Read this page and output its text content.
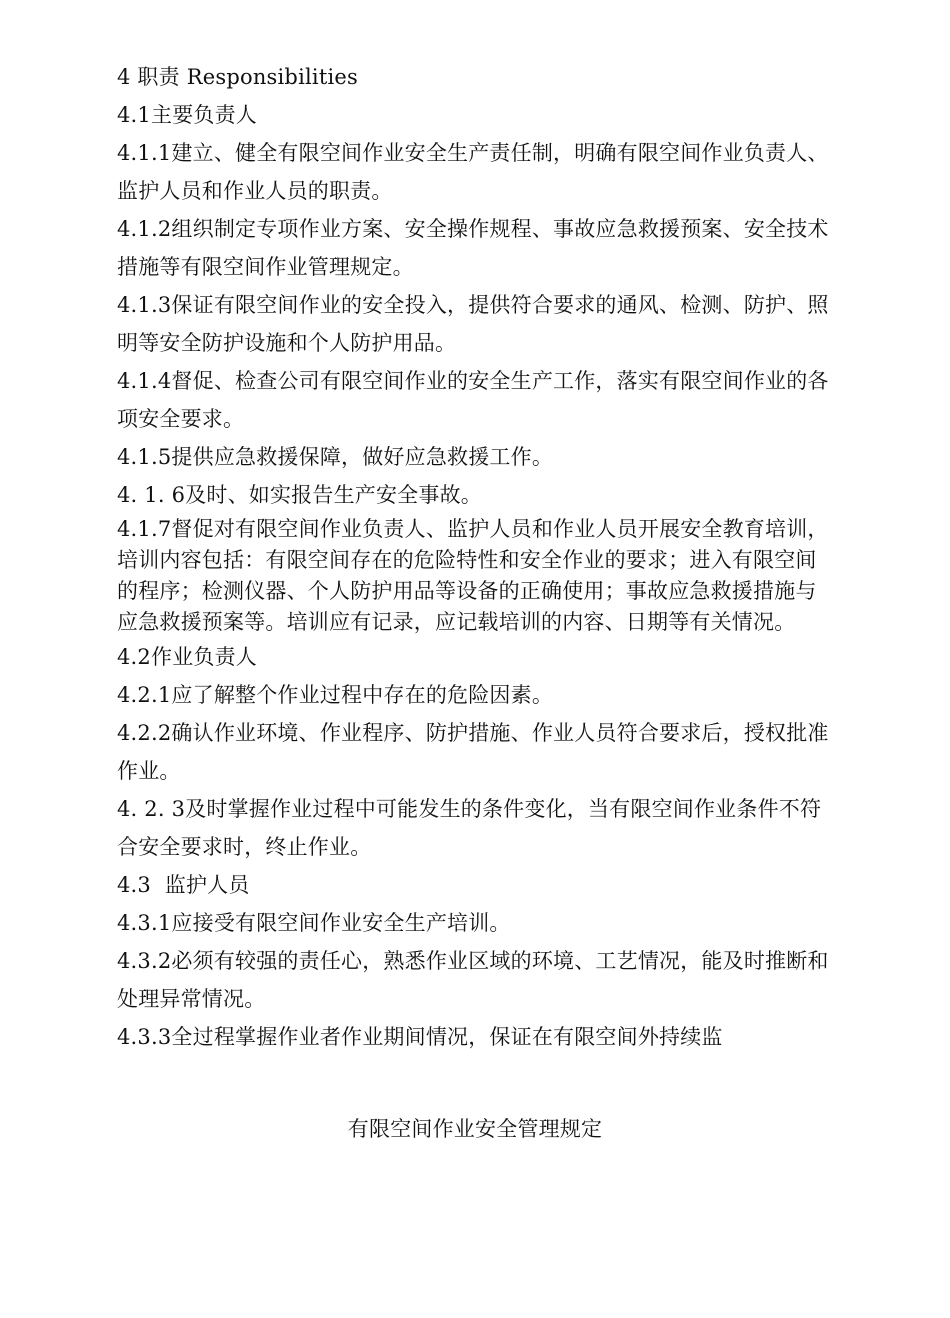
4 职责 Responsibilities

4.1主要负责人

4.1.1建立、健全有限空间作业安全生产责任制，明确有限空间作业负责人、监护人员和作业人员的职责。

4.1.2组织制定专项作业方案、安全操作规程、事故应急救援预案、安全技术措施等有限空间作业管理规定。

4.1.3保证有限空间作业的安全投入，提供符合要求的通风、检测、防护、照明等安全防护设施和个人防护用品。

4.1.4督促、检查公司有限空间作业的安全生产工作，落实有限空间作业的各项安全要求。

4.1.5提供应急救援保障，做好应急救援工作。

4. 1. 6及时、如实报告生产安全事故。

4.1.7督促对有限空间作业负责人、监护人员和作业人员开展安全教育培训，培训内容包括：有限空间存在的危险特性和安全作业的要求；进入有限空间的程序；检测仪器、个人防护用品等设备的正确使用；事故应急救援措施与应急救援预案等。培训应有记录，应记载培训的内容、日期等有关情况。

4.2作业负责人

4.2.1应了解整个作业过程中存在的危险因素。

4.2.2确认作业环境、作业程序、防护措施、作业人员符合要求后，授权批准作业。

4. 2. 3及时掌握作业过程中可能发生的条件变化，当有限空间作业条件不符合安全要求时，终止作业。

4.3  监护人员

4.3.1应接受有限空间作业安全生产培训。

4.3.2必须有较强的责任心，熟悉作业区域的环境、工艺情况，能及时推断和处理异常情况。

4.3.3全过程掌握作业者作业期间情况，保证在有限空间外持续监

有限空间作业安全管理规定
